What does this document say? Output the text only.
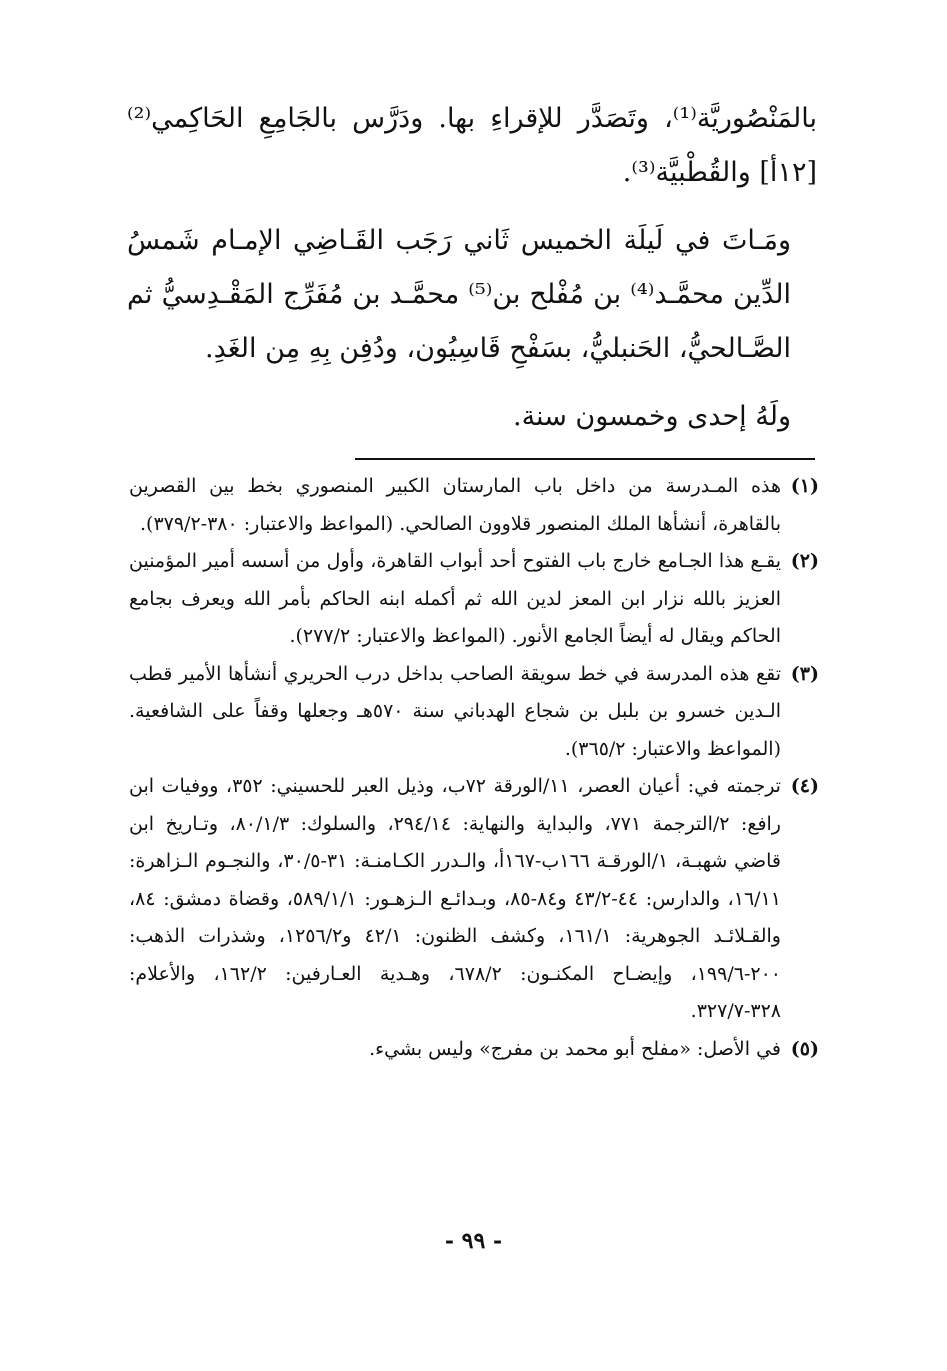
بالمَنْصُوريَّة⁽¹⁾، وتَصَدَّر للإقراءِ بها. ودَرَّس بالجَامِعِ الحَاكِمي⁽²⁾ [١٢أ] والقُطْبيَّة⁽³⁾.

ومَـاتَ في لَيلَة الخميس ثَاني رَجَب القَـاضِي الإمـام شَمسُ الدِّين محمَّـد⁽⁴⁾ بن مُفْلح بن⁽⁵⁾ محمَّـد بن مُفَرِّج المَقْـدِسيُّ ثم الصَّـالحيُّ، الحَنبليُّ، بسَفْحِ قَاسِيُون، ودُفِن بِهِ مِن الغَدِ.

ولَهُ إحدى وخمسون سنة.

(١)
هذه المـدرسة من داخل باب المارستان الكبير المنصوري بخط بين القصرين بالقاهرة، أنشأها الملك المنصور قلاوون الصالحي. (المواعظ والاعتبار: ٣٨٠-٣٧٩/٢).
(٢)
يقـع هذا الجـامع خارج باب الفتوح أحد أبواب القاهرة، وأول من أسسه أمير المؤمنين العزيز بالله نزار ابن المعز لدين الله ثم أكمله ابنه الحاكم بأمر الله ويعرف بجامع الحاكم ويقال له أيضاً الجامع الأنور. (المواعظ والاعتبار: ٢٧٧/٢).
(٣)
تقع هذه المدرسة في خط سويقة الصاحب بداخل درب الحريري أنشأها الأمير قطب الـدين خسرو بن بلبل بن شجاع الهدباني سنة ٥٧٠هـ وجعلها وقفاً على الشافعية. (المواعظ والاعتبار: ٣٦٥/٢).
(٤)
ترجمته في: أعيان العصر، ١١/الورقة ٧٢ب، وذيل العبر للحسيني: ٣٥٢، ووفيات ابن رافع: ٢/الترجمة ٧٧١، والبداية والنهاية: ٢٩٤/١٤، والسلوك: ٨٠/١/٣، وتـاريخ ابن قاضي شهبـة، ١/الورقـة ١٦٦ب-١٦٧أ، والـدرر الكـامنـة: ٣١-٣٠/٥، والنجـوم الـزاهرة: ١٦/١١، والدارس: ٤٤-٤٣/٢ و٨٤-٨٥، وبـدائـع الـزهـور: ٥٨٩/١/١، وقضاة دمشق: ٨٤، والقـلائـد الجوهرية: ١٦١/١، وكشف الظنون: ٤٢/١ و١٢٥٦/٢، وشذرات الذهب: ٢٠٠-١٩٩/٦، وإيضـاح المكنـون: ٦٧٨/٢، وهـدية العـارفين: ١٦٢/٢، والأعلام: ٣٢٨-٣٢٧/٧.
(٥)
في الأصل: «مفلح أبو محمد بن مفرج» وليس بشيء.
- ٩٩ -
